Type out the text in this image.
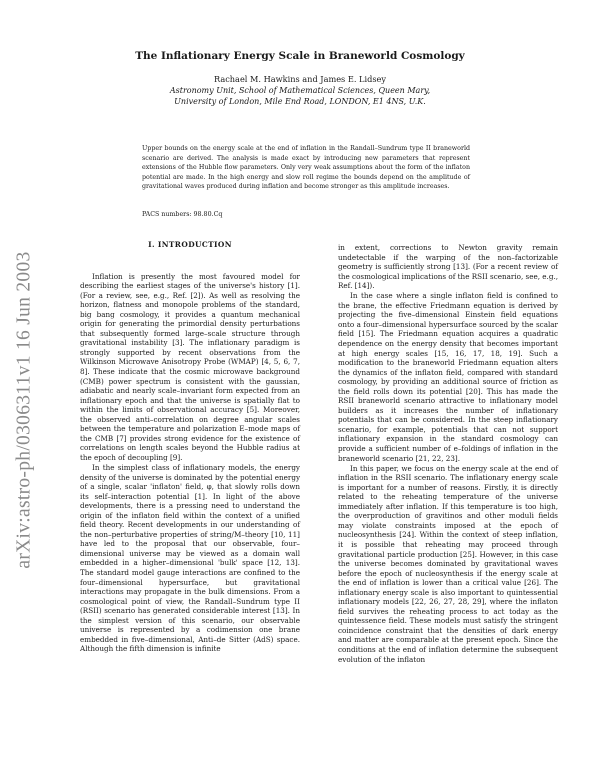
arXiv:astro-ph/0306311v1 16 Jun 2003
The Inflationary Energy Scale in Braneworld Cosmology
Rachael M. Hawkins and James E. Lidsey
Astronomy Unit, School of Mathematical Sciences, Queen Mary,
University of London, Mile End Road, LONDON, E1 4NS, U.K.
Upper bounds on the energy scale at the end of inflation in the Randall–Sundrum type II braneworld scenario are derived. The analysis is made exact by introducing new parameters that represent extensions of the Hubble flow parameters. Only very weak assumptions about the form of the inflaton potential are made. In the high energy and slow roll regime the bounds depend on the amplitude of gravitational waves produced during inflation and become stronger as this amplitude increases.
PACS numbers: 98.80.Cq
I. INTRODUCTION

Inflation is presently the most favoured model for describing the earliest stages of the universe's history [1]. (For a review, see, e.g., Ref. [2]). As well as resolving the horizon, flatness and monopole problems of the standard, big bang cosmology, it provides a quantum mechanical origin for generating the primordial density perturbations that subsequently formed large–scale structure through gravitational instability [3]. The inflationary paradigm is strongly supported by recent observations from the Wilkinson Microwave Anisotropy Probe (WMAP) [4, 5, 6, 7, 8]. These indicate that the cosmic microwave background (CMB) power spectrum is consistent with the gaussian, adiabatic and nearly scale–invariant form expected from an inflationary epoch and that the universe is spatially flat to within the limits of observational accuracy [5]. Moreover, the observed anti–correlation on degree angular scales between the temperature and polarization E–mode maps of the CMB [7] provides strong evidence for the existence of correlations on length scales beyond the Hubble radius at the epoch of decoupling [9].

In the simplest class of inflationary models, the energy density of the universe is dominated by the potential energy of a single, scalar 'inflaton' field, φ, that slowly rolls down its self–interaction potential [1]. In light of the above developments, there is a pressing need to understand the origin of the inflaton field within the context of a unified field theory. Recent developments in our understanding of the non–perturbative properties of string/M–theory [10, 11] have led to the proposal that our observable, four–dimensional universe may be viewed as a domain wall embedded in a higher–dimensional 'bulk' space [12, 13]. The standard model gauge interactions are confined to the four–dimensional hypersurface, but gravitational interactions may propagate in the bulk dimensions. From a cosmological point of view, the Randall–Sundrum type II (RSII) scenario has generated considerable interest [13]. In the simplest version of this scenario, our observable universe is represented by a codimension one brane embedded in five–dimensional, Anti–de Sitter (AdS) space. Although the fifth dimension is infinite

in extent, corrections to Newton gravity remain undetectable if the warping of the non–factorizable geometry is sufficiently strong [13]. (For a recent review of the cosmological implications of the RSII scenario, see, e.g., Ref. [14]).

In the case where a single inflaton field is confined to the brane, the effective Friedmann equation is derived by projecting the five–dimensional Einstein field equations onto a four–dimensional hypersurface sourced by the scalar field [15]. The Friedmann equation acquires a quadratic dependence on the energy density that becomes important at high energy scales [15, 16, 17, 18, 19]. Such a modification to the braneworld Friedmann equation alters the dynamics of the inflaton field, compared with standard cosmology, by providing an additional source of friction as the field rolls down its potential [20]. This has made the RSII braneworld scenario attractive to inflationary model builders as it increases the number of inflationary potentials that can be considered. In the steep inflationary scenario, for example, potentials that can not support inflationary expansion in the standard cosmology can provide a sufficient number of e–foldings of inflation in the braneworld scenario [21, 22, 23].

In this paper, we focus on the energy scale at the end of inflation in the RSII scenario. The inflationary energy scale is important for a number of reasons. Firstly, it is directly related to the reheating temperature of the universe immediately after inflation. If this temperature is too high, the overproduction of gravitinos and other moduli fields may violate constraints imposed at the epoch of nucleosynthesis [24]. Within the context of steep inflation, it is possible that reheating may proceed through gravitational particle production [25]. However, in this case the universe becomes dominated by gravitational waves before the epoch of nucleosynthesis if the energy scale at the end of inflation is lower than a critical value [26]. The inflationary energy scale is also important to quintessential inflationary models [22, 26, 27, 28, 29], where the inflaton field survives the reheating process to act today as the quintessence field. These models must satisfy the stringent coincidence constraint that the densities of dark energy and matter are comparable at the present epoch. Since the conditions at the end of inflation determine the subsequent evolution of the inflaton
